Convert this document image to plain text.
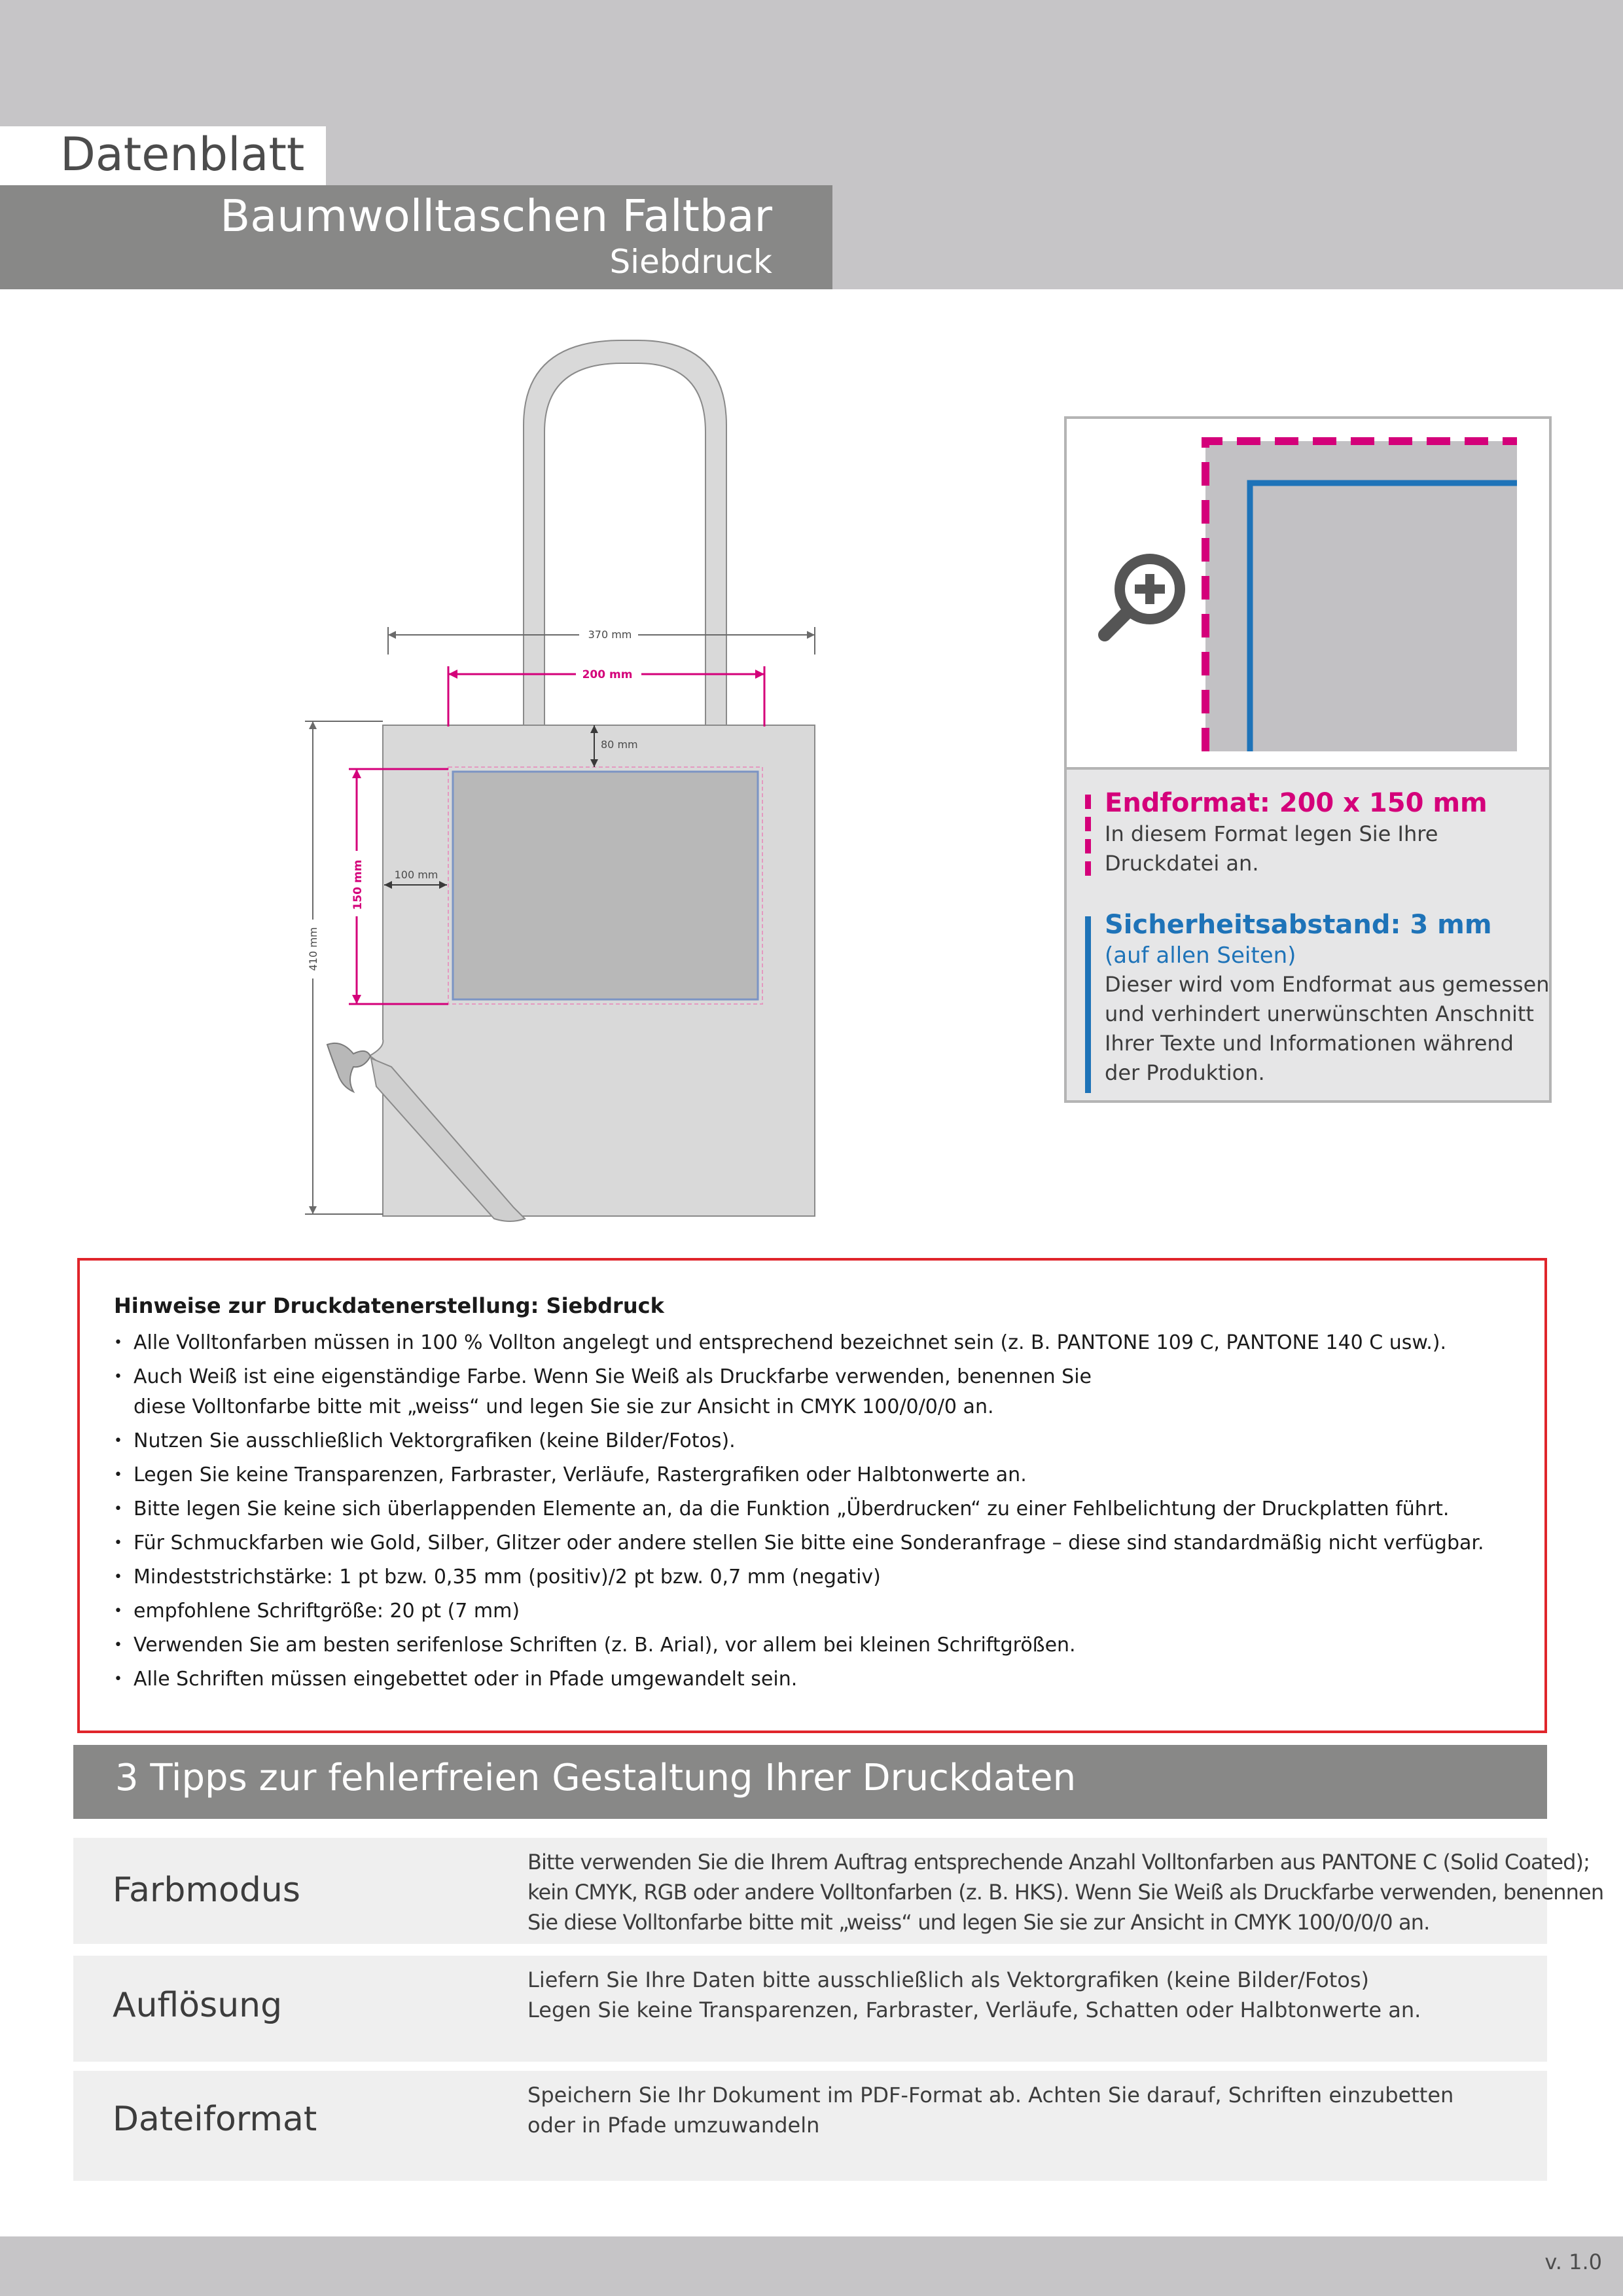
Datenblatt
Baumwolltaschen Faltbar
Siebdruck
370 mm
200 mm
80 mm
100 mm
150 mm
410 mm
Endformat: 200 x 150 mm
In diesem Format legen Sie Ihre Druckdatei an.
Sicherheitsabstand: 3 mm
(auf allen Seiten)
Dieser wird vom Endformat aus gemessen und verhindert unerwünschten Anschnitt Ihrer Texte und Informationen während der Produktion.
Hinweise zur Druckdatenerstellung: Siebdruck
• Alle Volltonfarben müssen in 100 % Vollton angelegt und entsprechend bezeichnet sein (z. B. PANTONE 109 C, PANTONE 140 C usw.).
• Auch Weiß ist eine eigenständige Farbe. Wenn Sie Weiß als Druckfarbe verwenden, benennen Sie
diese Volltonfarbe bitte mit „weiss“ und legen Sie sie zur Ansicht in CMYK 100/0/0/0 an.
• Nutzen Sie ausschließlich Vektorgrafiken (keine Bilder/Fotos).
• Legen Sie keine Transparenzen, Farbraster, Verläufe, Rastergrafiken oder Halbtonwerte an.
• Bitte legen Sie keine sich überlappenden Elemente an, da die Funktion „Überdrucken“ zu einer Fehlbelichtung der Druckplatten führt.
• Für Schmuckfarben wie Gold, Silber, Glitzer oder andere stellen Sie bitte eine Sonderanfrage – diese sind standardmäßig nicht verfügbar.
• Mindeststrichstärke: 1 pt bzw. 0,35 mm (positiv)/2 pt bzw. 0,7 mm (negativ)
• empfohlene Schriftgröße: 20 pt (7 mm)
• Verwenden Sie am besten serifenlose Schriften (z. B. Arial), vor allem bei kleinen Schriftgrößen.
• Alle Schriften müssen eingebettet oder in Pfade umgewandelt sein.
3 Tipps zur fehlerfreien Gestaltung Ihrer Druckdaten
Farbmodus
Bitte verwenden Sie die Ihrem Auftrag entsprechende Anzahl Volltonfarben aus PANTONE C (Solid Coated);
kein CMYK, RGB oder andere Volltonfarben (z. B. HKS). Wenn Sie Weiß als Druckfarbe verwenden, benennen
Sie diese Volltonfarbe bitte mit „weiss“ und legen Sie sie zur Ansicht in CMYK 100/0/0/0 an.
Auflösung
Liefern Sie Ihre Daten bitte ausschließlich als Vektorgrafiken (keine Bilder/Fotos)
Legen Sie keine Transparenzen, Farbraster, Verläufe, Schatten oder Halbtonwerte an.
Dateiformat
Speichern Sie Ihr Dokument im PDF-Format ab. Achten Sie darauf, Schriften einzubetten
oder in Pfade umzuwandeln
v. 1.0
